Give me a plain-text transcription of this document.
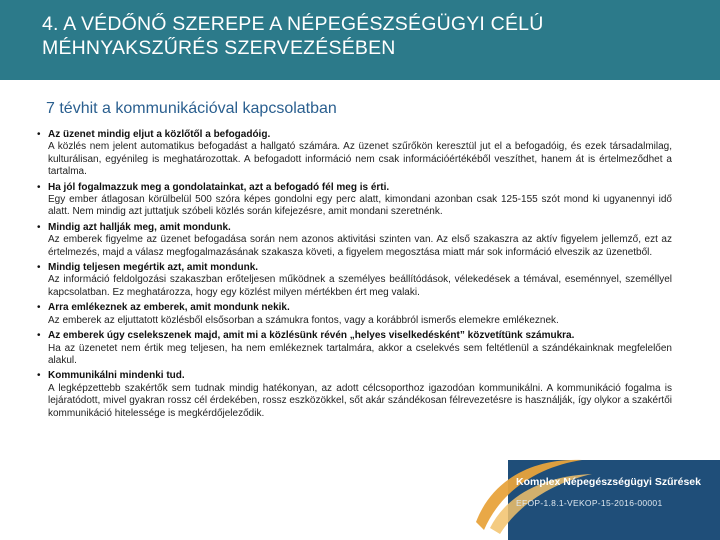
4. A VÉDŐNŐ SZEREPE A NÉPEGÉSZSÉGÜGYI CÉLÚ MÉHNYAKSZŰRÉS SZERVEZÉSÉBEN
7 tévhit a kommunikációval kapcsolatban
• Az üzenet mindig eljut a közlőtől a befogadóig.
A közlés nem jelent automatikus befogadást a hallgató számára. Az üzenet szűrőkön keresztül jut el a befogadóig, és ezek társadalmilag, kulturálisan, egyénileg is meghatározottak. A befogadott információ nem csak információértékéből veszíthet, hanem át is értelmeződhet a tartalma.
• Ha jól fogalmazzuk meg a gondolatainkat, azt a befogadó fél meg is érti.
Egy ember átlagosan körülbelül 500 szóra képes gondolni egy perc alatt, kimondani azonban csak 125-155 szót mond ki ugyanennyi idő alatt. Nem mindig azt juttatjuk szóbeli közlés során kifejezésre, amit mondani szeretnénk.
• Mindig azt hallják meg, amit mondunk.
Az emberek figyelme az üzenet befogadása során nem azonos aktivitási szinten van. Az első szakaszra az aktív figyelem jellemző, ezt az értelmezés, majd a válasz megfogalmazásának szakasza követi, a figyelem megosztása miatt már sok információ elveszik az üzenetből.
• Mindig teljesen megértik azt, amit mondunk.
Az információ feldolgozási szakaszban erőteljesen működnek a személyes beállítódások, vélekedések a témával, eseménnyel, személlyel kapcsolatban. Ez meghatározza, hogy egy közlést milyen mértékben ért meg valaki.
• Arra emlékeznek az emberek, amit mondunk nekik.
Az emberek az eljuttatott közlésből elsősorban a számukra fontos, vagy a korábbról ismerős elemekre emlékeznek.
• Az emberek úgy cselekszenek majd, amit mi a közlésünk révén „helyes viselkedésként” közvetítünk számukra.
Ha az üzenetet nem értik meg teljesen, ha nem emlékeznek tartalmára, akkor a cselekvés sem feltétlenül a szándékainknak megfelelően alakul.
• Kommunikálni mindenki tud.
A legképzettebb szakértők sem tudnak mindig hatékonyan, az adott célcsoporthoz igazodóan kommunikálni. A kommunikáció fogalma is lejáratódott, mivel gyakran rossz cél érdekében, rossz eszközökkel, sőt akár szándékosan félrevezetésre is használják, így olykor a szakértői kommunikáció hitelessége is megkérdőjeleződik.
Komplex Népegészségügyi Szűrések
EFOP-1.8.1-VEKOP-15-2016-00001
